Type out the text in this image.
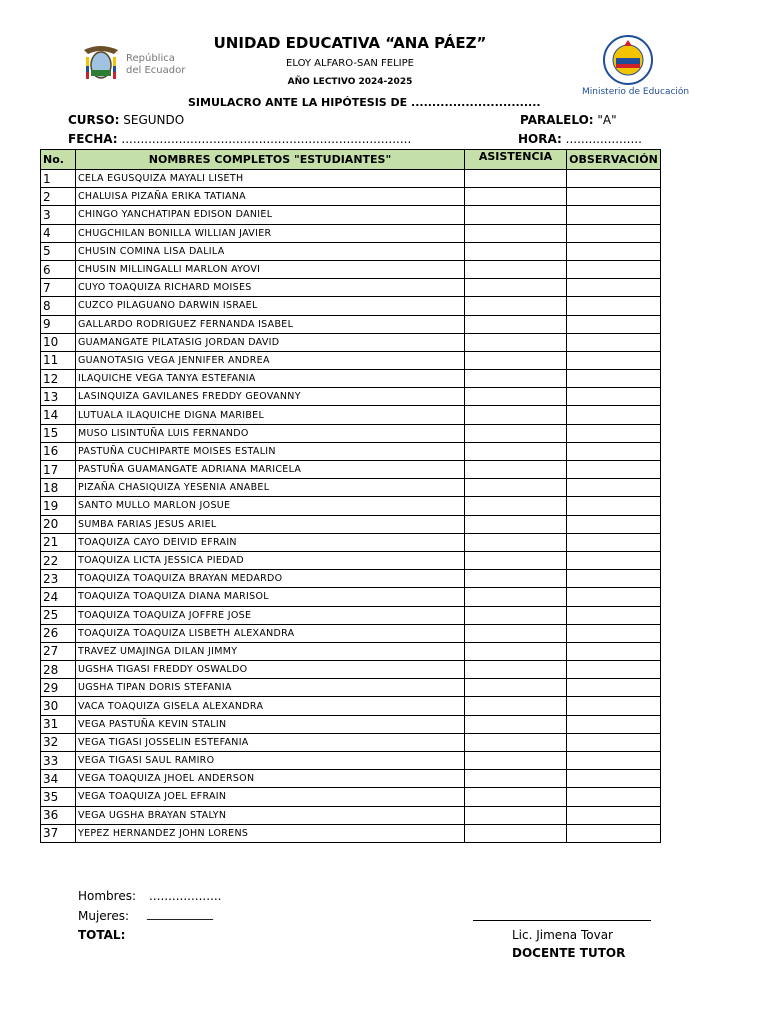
República
del Ecuador
Ministerio de Educación
UNIDAD EDUCATIVA “ANA PÁEZ”
ELOY ALFARO-SAN FELIPE
AÑO LECTIVO 2024-2025
SIMULACRO ANTE LA HIPÓTESIS DE ...............................
CURSO: SEGUNDO	PARALELO: "A"
FECHA: ............................................................................	HORA: ....................
No.	NOMBRES COMPLETOS "ESTUDIANTES"	ASISTENCIA	OBSERVACIÓN
1	CELA EGUSQUIZA MAYALI LISETH		
2	CHALUISA PIZAÑA ERIKA TATIANA		
3	CHINGO YANCHATIPAN EDISON DANIEL		
4	CHUGCHILAN BONILLA WILLIAN JAVIER		
5	CHUSIN COMINA LISA DALILA		
6	CHUSIN MILLINGALLI MARLON AYOVI		
7	CUYO TOAQUIZA RICHARD MOISES		
8	CUZCO PILAGUANO DARWIN ISRAEL		
9	GALLARDO RODRIGUEZ FERNANDA ISABEL		
10	GUAMANGATE PILATASIG JORDAN DAVID		
11	GUANOTASIG VEGA JENNIFER ANDREA		
12	ILAQUICHE VEGA TANYA ESTEFANIA		
13	LASINQUIZA GAVILANES FREDDY GEOVANNY		
14	LUTUALA ILAQUICHE DIGNA MARIBEL		
15	MUSO LISINTUÑA LUIS FERNANDO		
16	PASTUÑA CUCHIPARTE MOISES ESTALIN		
17	PASTUÑA GUAMANGATE ADRIANA MARICELA		
18	PIZAÑA CHASIQUIZA YESENIA ANABEL		
19	SANTO MULLO MARLON JOSUE		
20	SUMBA FARIAS JESUS ARIEL		
21	TOAQUIZA CAYO DEIVID EFRAIN		
22	TOAQUIZA LICTA JESSICA PIEDAD		
23	TOAQUIZA TOAQUIZA BRAYAN MEDARDO		
24	TOAQUIZA TOAQUIZA DIANA MARISOL		
25	TOAQUIZA TOAQUIZA JOFFRE JOSE		
26	TOAQUIZA TOAQUIZA LISBETH ALEXANDRA		
27	TRAVEZ UMAJINGA DILAN JIMMY		
28	UGSHA TIGASI FREDDY OSWALDO		
29	UGSHA TIPAN DORIS STEFANIA		
30	VACA TOAQUIZA GISELA ALEXANDRA		
31	VEGA PASTUÑA KEVIN STALIN		
32	VEGA TIGASI JOSSELIN ESTEFANIA		
33	VEGA TIGASI SAUL RAMIRO		
34	VEGA TOAQUIZA JHOEL ANDERSON		
35	VEGA TOAQUIZA JOEL EFRAIN		
36	VEGA UGSHA BRAYAN STALYN		
37	YEPEZ HERNANDEZ JOHN LORENS		
Hombres: ...................
Mujeres: ___________
TOTAL:	Lic. Jimena Tovar
DOCENTE TUTOR
